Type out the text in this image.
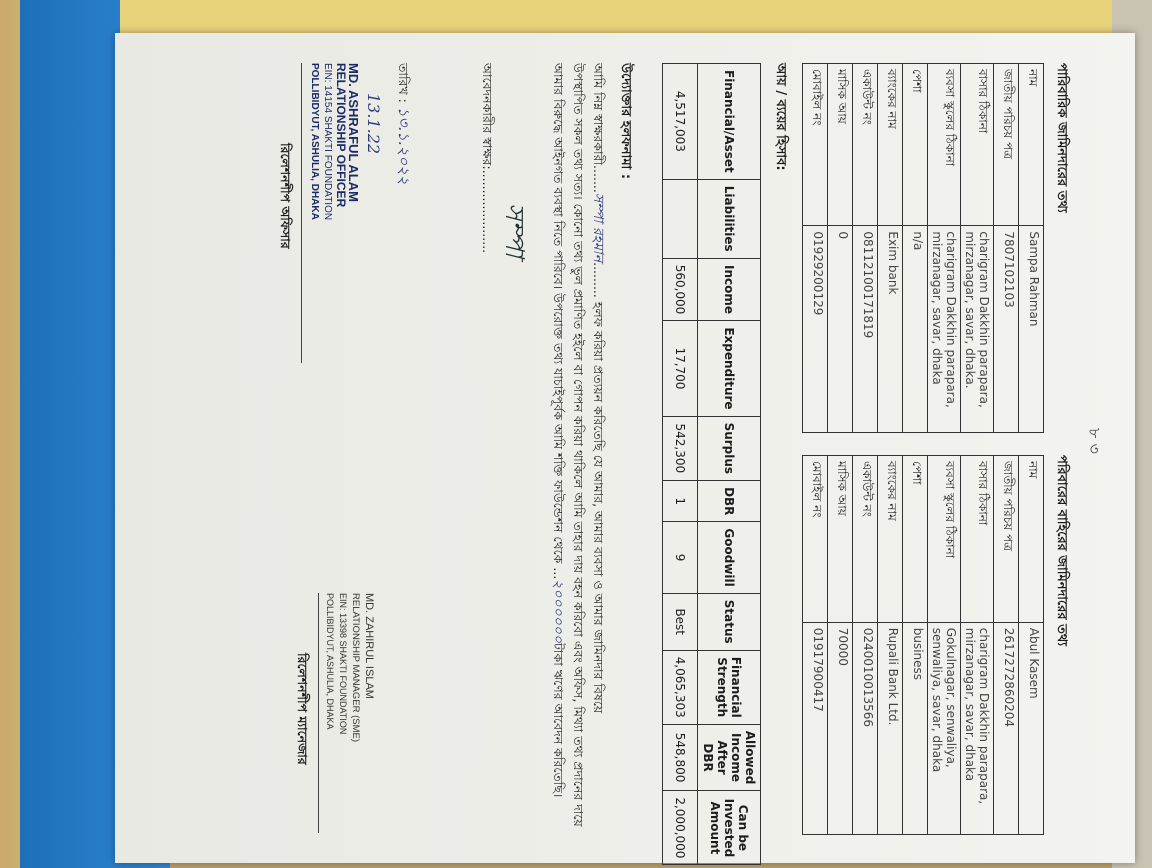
৮ ৩
পারিবারিক জামিনদারের তথ্য
নাম	Sampa Rahman
জাতীয় পরিচয় পত্র	7807102103
বাসার ঠিকানা	charigram Dakkhin parapara, mirzanagar, savar, dhaka.
ব্যবসা স্কুলের ঠিকানা	charigram Dakkhin parapara, mirzanagar, savar, dhaka
পেশা	n/a
ব্যাংকের নাম	Exim bank
একাউন্ট নং	08112100171819
মাসিক আয়	0
মোবাইল নং	01929200129
পরিবারের বাহিরের জামিনদারের তথ্য
নাম	Abul Kasem
জাতীয় পরিচয় পত্র	2617272860204
বাসার ঠিকানা	charigram Dakkhin parapara, mirzanagar, savar, dhaka
ব্যবসা স্কুলের ঠিকানা	Gokulnagar, senwaliya, senwaliya, savar, dhaka
পেশা	business
ব্যাংকের নাম	Rupali Bank Ltd.
একাউন্ট নং	0240010013566
মাসিক আয়	70000
মোবাইল নং	01917900417
আয় / ব্যয়ের হিসাব:
Financial/Asset	Liabilities	Income	Expenditure	Surplus	DBR	Goodwill	Status	Financial Strength	Allowed Income After DBR	Can be Invested Amount
4,517,003		560,000	17,700	542,300	1	9	Best	4,065,303	548,800	2,000,000
উদ্যোক্তার হলফনামা :
আমি নিম্ন স্বাক্ষরকারী.......সম্পা রহমান......... হলফ করিয়া প্রত্যয়ন করিতেছি যে আমার, আমার ব্যবসা ও আমার জামিনদার বিষয়ে
উপস্থাপিত সকল তথ্য সত্য। কোনো তথ্য ভুল প্রমাণিত হইলে বা গোপন করিয়া থাকিলে আমি তাহার দায় বহন করিবো এবং অফিস, মিথ্যা তথ্য প্রদানের দায়ে
আমার বিরুদ্ধে আইনগত ব্যবস্থা নিতে পারিবে। উপরোক্ত তথ্য যাচাইপূর্বক আমি শক্তি ফাউন্ডেশন থেকে ...২০০০০০০টাকা ঋণের আবেদন করিতেছি।
সম্পা
আবেদনকারীর স্বাক্ষর:.....................
তারিখ : ১৩.১.২০২২
13.1.22
MD. ASHRAFUL ALAM
RELATIONSHIP OFFICER
EIN: 14154 SHAKTI FOUNDATION
POLLIBIDYUT, ASHULIA, DHAKA
রিলেশনশীপ অফিসার
MD. ZAHIRUL ISLAM
RELATIONSHIP MANAGER (SME)
EIN: 13398 SHAKTI FOUNDATION
POLLIBIDYUT, ASHULIA, DHAKA
রিলেশনশীপ ম্যানেজার
